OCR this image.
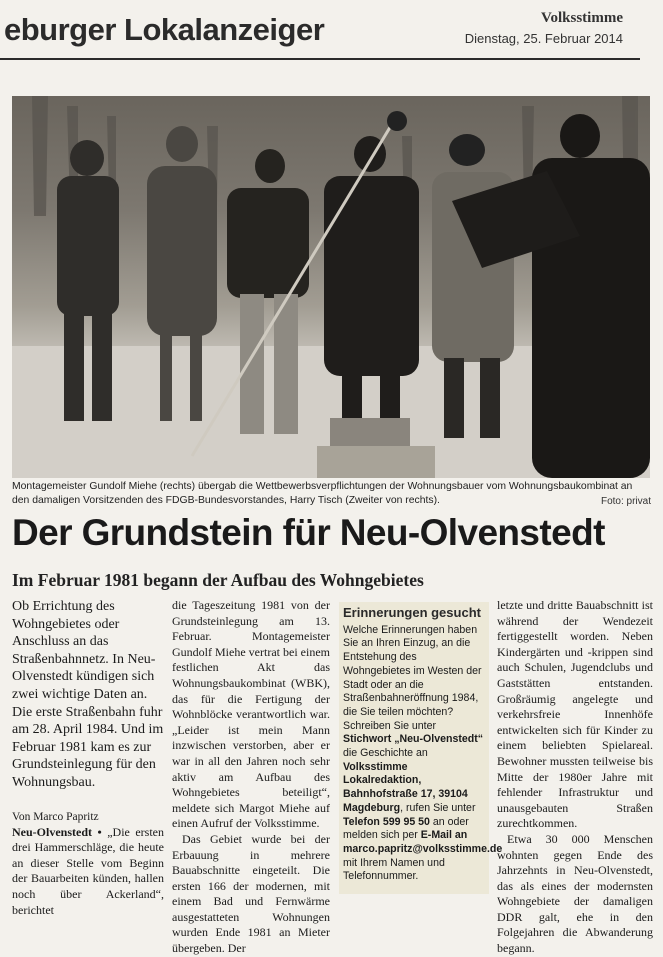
eburger Lokalanzeiger	Volksstimme
Dienstag, 25. Februar 2014
Montagemeister Gundolf Miehe (rechts) übergab die Wettbewerbsverpflichtungen der Wohnungsbauer vom Wohnungsbaukombinat an den damaligen Vorsitzenden des FDGB-Bundesvorstandes, Harry Tisch (Zweiter von rechts).	Foto: privat
Der Grundstein für Neu-Olvenstedt
Im Februar 1981 begann der Aufbau des Wohngebietes
Ob Errichtung des Wohngebietes oder Anschluss an das Straßenbahnnetz. In Neu-Olvenstedt kündigen sich zwei wichtige Daten an. Die erste Straßenbahn fuhr am 28. April 1984. Und im Februar 1981 kam es zur Grundsteinlegung für den Wohnungsbau.
Von Marco Papritz
Neu-Olvenstedt • „Die ersten drei Hammerschläge, die heute an dieser Stelle vom Beginn der Bauarbeiten künden, hallen noch über Ackerland“, berichtet

die Tageszeitung 1981 von der Grundsteinlegung am 13. Februar. Montagemeister Gundolf Miehe vertrat bei einem festlichen Akt das Wohnungsbaukombinat (WBK), das für die Fertigung der Wohnblöcke verantwortlich war. „Leider ist mein Mann inzwischen verstorben, aber er war in all den Jahren noch sehr aktiv am Aufbau des Wohngebietes beteiligt“, meldete sich Margot Miehe auf einen Aufruf der Volksstimme.

Das Gebiet wurde bei der Erbauung in mehrere Bauabschnitte eingeteilt. Die ersten 166 der modernen, mit einem Bad und Fernwärme ausgestatteten Wohnungen wurden Ende 1981 an Mieter übergeben. Der

Erinnerungen gesucht
Welche Erinnerungen haben Sie an Ihren Einzug, an die Entstehung des Wohngebietes im Westen der Stadt oder an die Straßenbahneröffnung 1984, die Sie teilen möchten? Schreiben Sie unter Stichwort „Neu-Olvenstedt“ die Geschichte an Volksstimme Lokalredaktion, Bahnhofstraße 17, 39104 Magdeburg, rufen Sie unter Telefon 599 95 50 an oder melden sich per E-Mail an marco.papritz@volksstimme.de mit Ihrem Namen und Telefonnummer.

letzte und dritte Bauabschnitt ist während der Wendezeit fertiggestellt worden. Neben Kindergärten und -krippen sind auch Schulen, Jugendclubs und Gaststätten entstanden. Großräumig angelegte und verkehrsfreie Innenhöfe entwickelten sich für Kinder zu einem beliebten Spielareal. Bewohner mussten teilweise bis Mitte der 1980er Jahre mit fehlender Infrastruktur und unausgebauten Straßen zurechtkommen.

Etwa 30 000 Menschen wohnten gegen Ende des Jahrzehnts in Neu-Olvenstedt, das als eines der modernsten Wohngebiete der damaligen DDR galt, ehe in den Folgejahren die Abwanderung begann.
